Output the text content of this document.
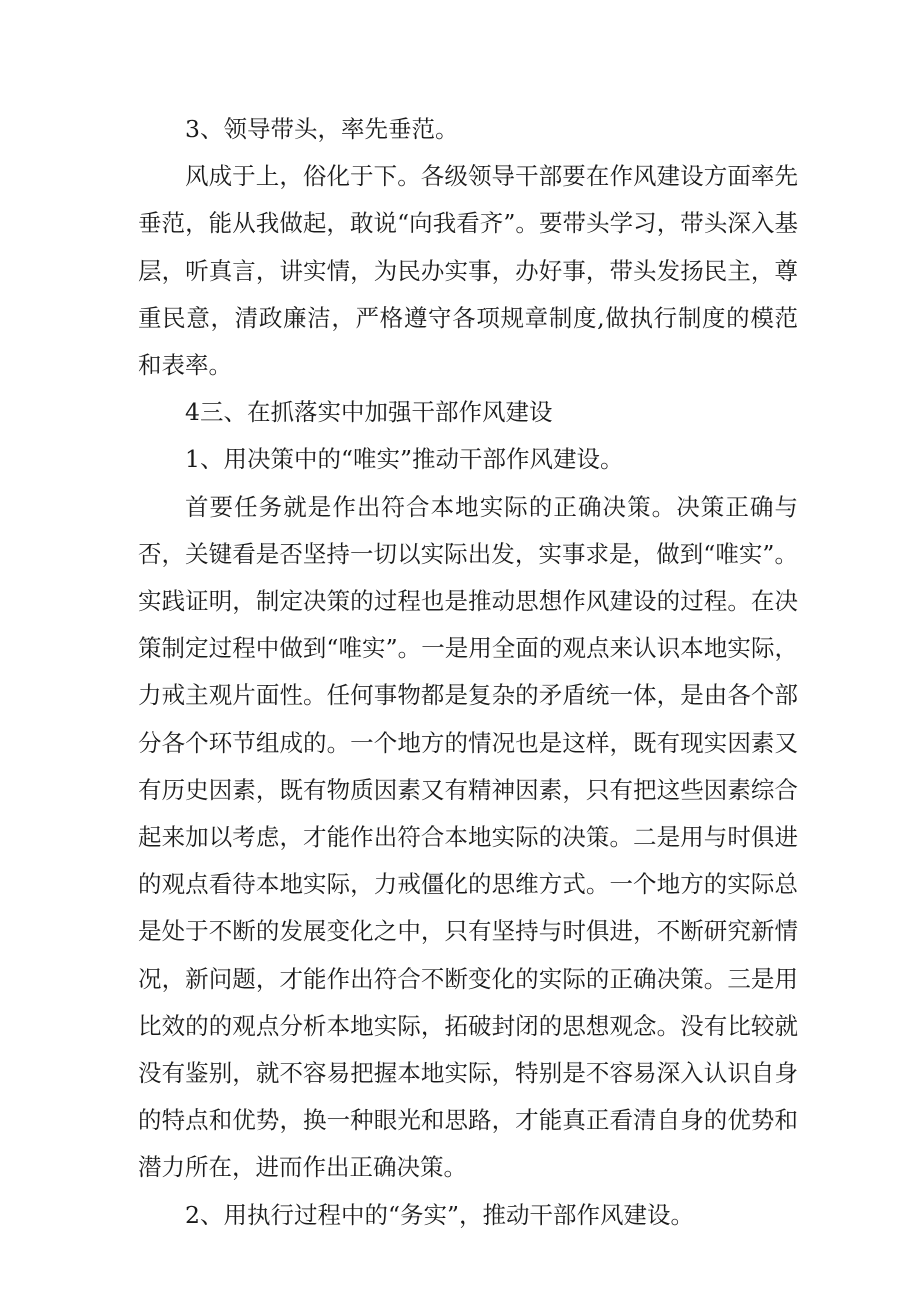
3、领导带头，率先垂范。

风成于上，俗化于下。各级领导干部要在作风建设方面率先垂范，能从我做起，敢说“向我看齐”。要带头学习，带头深入基层，听真言，讲实情，为民办实事，办好事，带头发扬民主，尊重民意，清政廉洁，严格遵守各项规章制度,做执行制度的模范和表率。

4三、在抓落实中加强干部作风建设

1、用决策中的“唯实”推动干部作风建设。

首要任务就是作出符合本地实际的正确决策。决策正确与否，关键看是否坚持一切以实际出发，实事求是，做到“唯实”。实践证明，制定决策的过程也是推动思想作风建设的过程。在决策制定过程中做到“唯实”。一是用全面的观点来认识本地实际，力戒主观片面性。任何事物都是复杂的矛盾统一体，是由各个部分各个环节组成的。一个地方的情况也是这样，既有现实因素又有历史因素，既有物质因素又有精神因素，只有把这些因素综合起来加以考虑，才能作出符合本地实际的决策。二是用与时俱进的观点看待本地实际，力戒僵化的思维方式。一个地方的实际总是处于不断的发展变化之中，只有坚持与时俱进，不断研究新情况，新问题，才能作出符合不断变化的实际的正确决策。三是用比效的的观点分析本地实际，拓破封闭的思想观念。没有比较就没有鉴别，就不容易把握本地实际，特别是不容易深入认识自身的特点和优势，换一种眼光和思路，才能真正看清自身的优势和潜力所在，进而作出正确决策。

2、用执行过程中的“务实”，推动干部作风建设。
